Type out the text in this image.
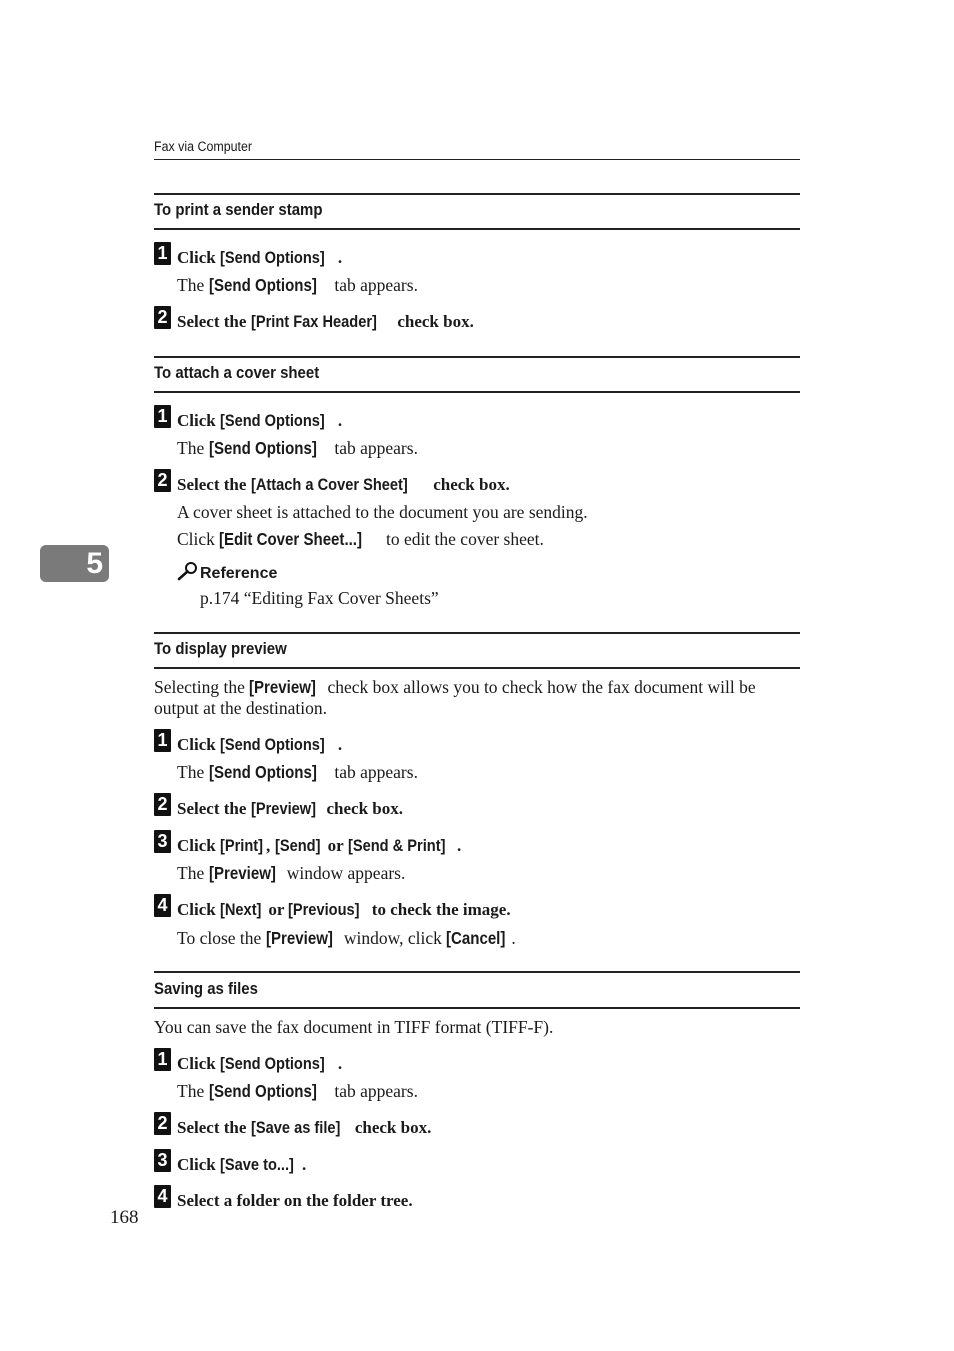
Fax via Computer
To print a sender stamp
1 Click [Send Options] .
The [Send Options] tab appears.
2 Select the [Print Fax Header] check box.
To attach a cover sheet
1 Click [Send Options] .
The [Send Options] tab appears.
2 Select the [Attach a Cover Sheet] check box.
A cover sheet is attached to the document you are sending.
Click [Edit Cover Sheet...] to edit the cover sheet.
5	Reference
p.174 “Editing Fax Cover Sheets”
To display preview
Selecting the [Preview] check box allows you to check how the fax document will be output at the destination.
1 Click [Send Options] .
The [Send Options] tab appears.
2 Select the [Preview] check box.
3 Click [Print] , [Send] or [Send & Print] .
The [Preview] window appears.
4 Click [Next] or [Previous] to check the image.
To close the [Preview] window, click [Cancel] .
Saving as files
You can save the fax document in TIFF format (TIFF-F).
1 Click [Send Options] .
The [Send Options] tab appears.
2 Select the [Save as file] check box.
3 Click [Save to...] .
4 Select a folder on the folder tree.
168
